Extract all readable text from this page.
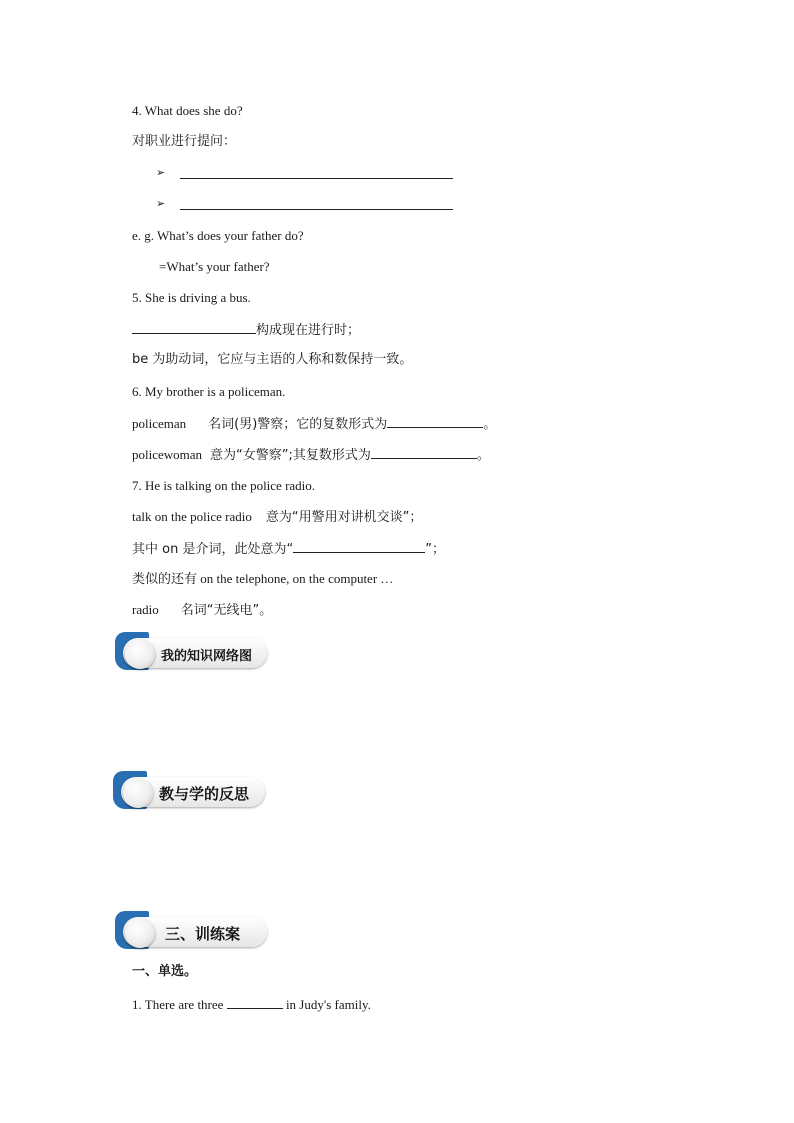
4. What does she do?
对职业进行提问：
➢
➢
e. g. What’s does your father do?
=What’s your father?
5. She is driving a bus.
构成现在进行时；
be 为助动词，它应与主语的人称和数保持一致。
6. My brother is a policeman.
policeman 名词(男)警察；它的复数形式为	。
policewoman 意为“女警察”;其复数形式为	。
7. He is talking on the police radio.
talk on the police radio 意为“用警用对讲机交谈”；
其中 on 是介词，此处意为“	”；
类似的还有 on the telephone, on the computer …
radio 名词“无线电”。
我的知识网络图
教与学的反思
三、训练案
一、单选。
1. There are three	in Judy's family.
